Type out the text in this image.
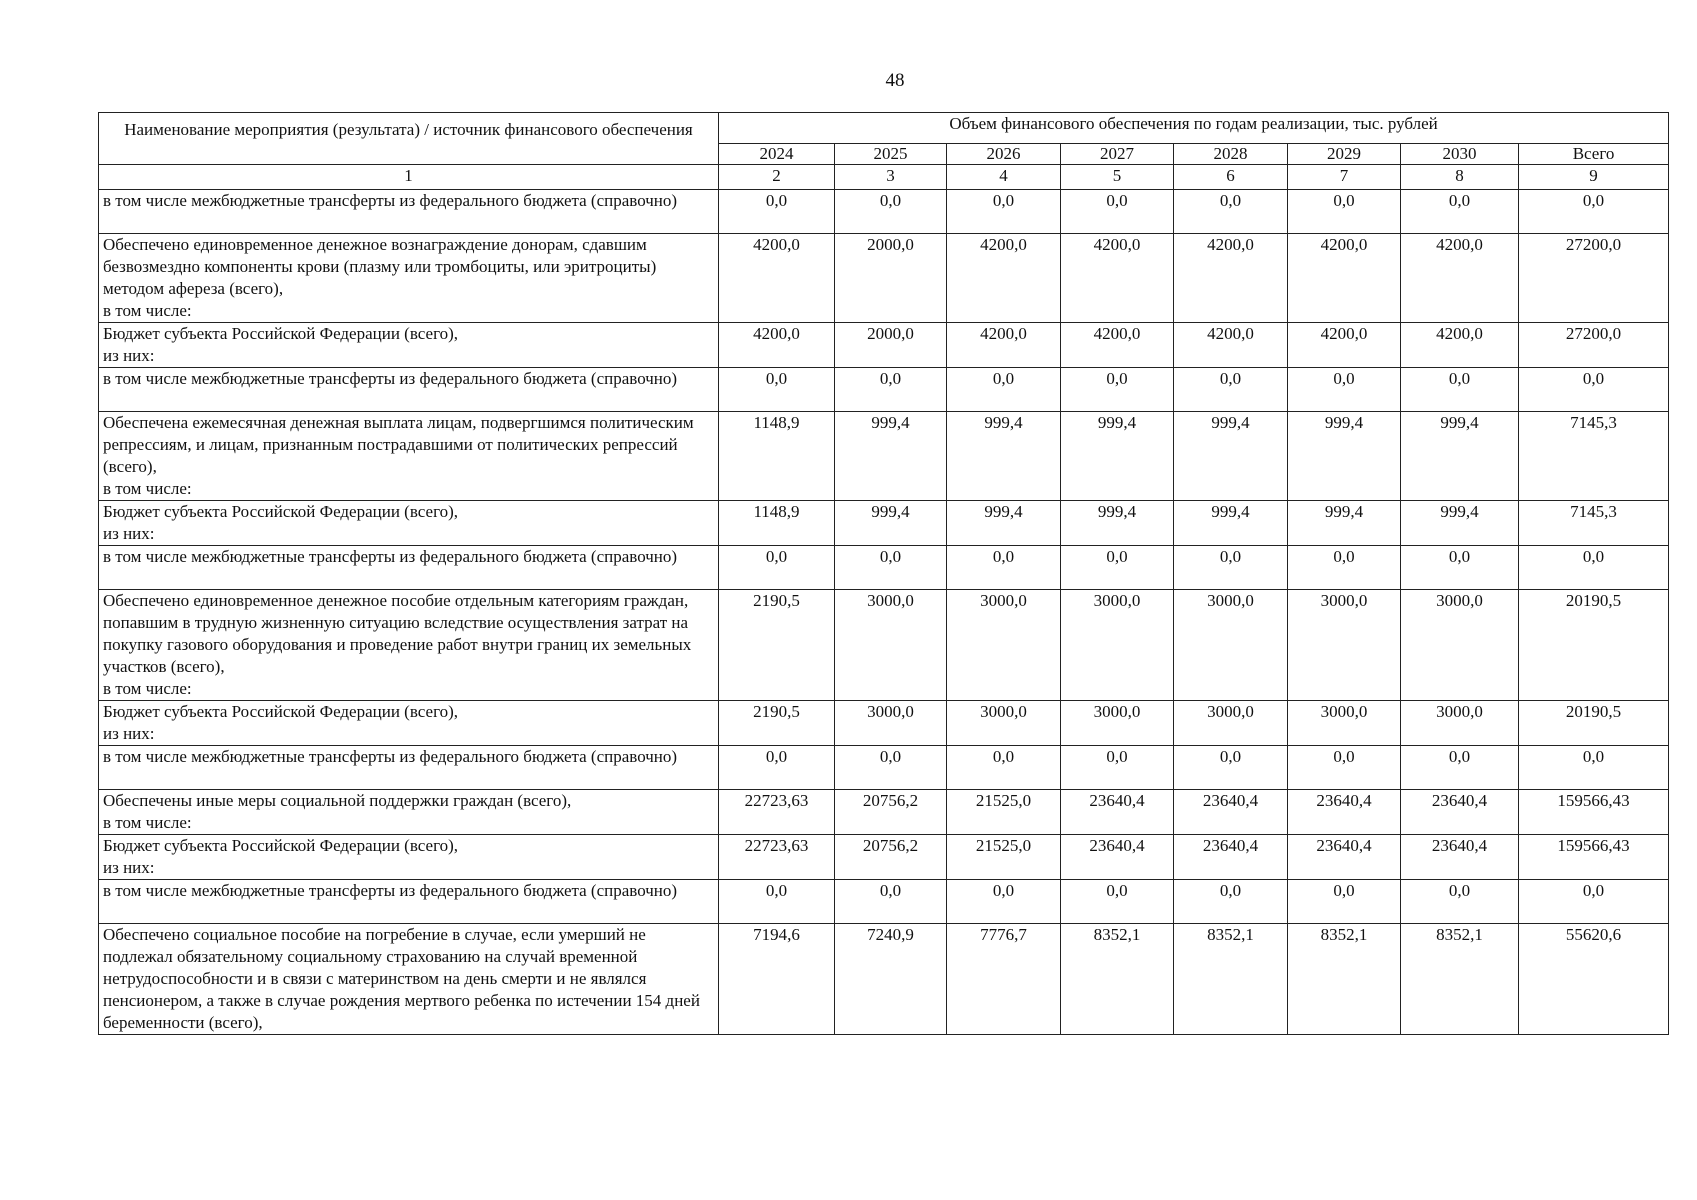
48
Наименование мероприятия (результата) / источник финансового обеспечения	Объем финансового обеспечения по годам реализации, тыс. рублей							
	2024	2025	2026	2027	2028	2029	2030	Всего
1	2	3	4	5	6	7	8	9
в том числе межбюджетные трансферты из федерального бюджета (справочно)	0,0	0,0	0,0	0,0	0,0	0,0	0,0	0,0
Обеспечено единовременное денежное вознаграждение донорам, сдавшим безвозмездно компоненты крови (плазму или тромбоциты, или эритроциты) методом афереза (всего),
в том числе:	4200,0	2000,0	4200,0	4200,0	4200,0	4200,0	4200,0	27200,0
Бюджет субъекта Российской Федерации (всего),
из них:	4200,0	2000,0	4200,0	4200,0	4200,0	4200,0	4200,0	27200,0
в том числе межбюджетные трансферты из федерального бюджета (справочно)	0,0	0,0	0,0	0,0	0,0	0,0	0,0	0,0
Обеспечена ежемесячная денежная выплата лицам, подвергшимся политическим репрессиям, и лицам, признанным пострадавшими от политических репрессий (всего),
в том числе:	1148,9	999,4	999,4	999,4	999,4	999,4	999,4	7145,3
Бюджет субъекта Российской Федерации (всего),
из них:	1148,9	999,4	999,4	999,4	999,4	999,4	999,4	7145,3
в том числе межбюджетные трансферты из федерального бюджета (справочно)	0,0	0,0	0,0	0,0	0,0	0,0	0,0	0,0
Обеспечено единовременное денежное пособие отдельным категориям граждан, попавшим в трудную жизненную ситуацию вследствие осуществления затрат на покупку газового оборудования и проведение работ внутри границ их земельных участков (всего),
в том числе:	2190,5	3000,0	3000,0	3000,0	3000,0	3000,0	3000,0	20190,5
Бюджет субъекта Российской Федерации (всего),
из них:	2190,5	3000,0	3000,0	3000,0	3000,0	3000,0	3000,0	20190,5
в том числе межбюджетные трансферты из федерального бюджета (справочно)	0,0	0,0	0,0	0,0	0,0	0,0	0,0	0,0
Обеспечены иные меры социальной поддержки граждан (всего),
в том числе:	22723,63	20756,2	21525,0	23640,4	23640,4	23640,4	23640,4	159566,43
Бюджет субъекта Российской Федерации (всего),
из них:	22723,63	20756,2	21525,0	23640,4	23640,4	23640,4	23640,4	159566,43
в том числе межбюджетные трансферты из федерального бюджета (справочно)	0,0	0,0	0,0	0,0	0,0	0,0	0,0	0,0
Обеспечено социальное пособие на погребение в случае, если умерший не подлежал обязательному социальному страхованию на случай временной нетрудоспособности и в связи с материнством на день смерти и не являлся пенсионером, а также в случае рождения мертвого ребенка по истечении 154 дней беременности (всего),	7194,6	7240,9	7776,7	8352,1	8352,1	8352,1	8352,1	55620,6
